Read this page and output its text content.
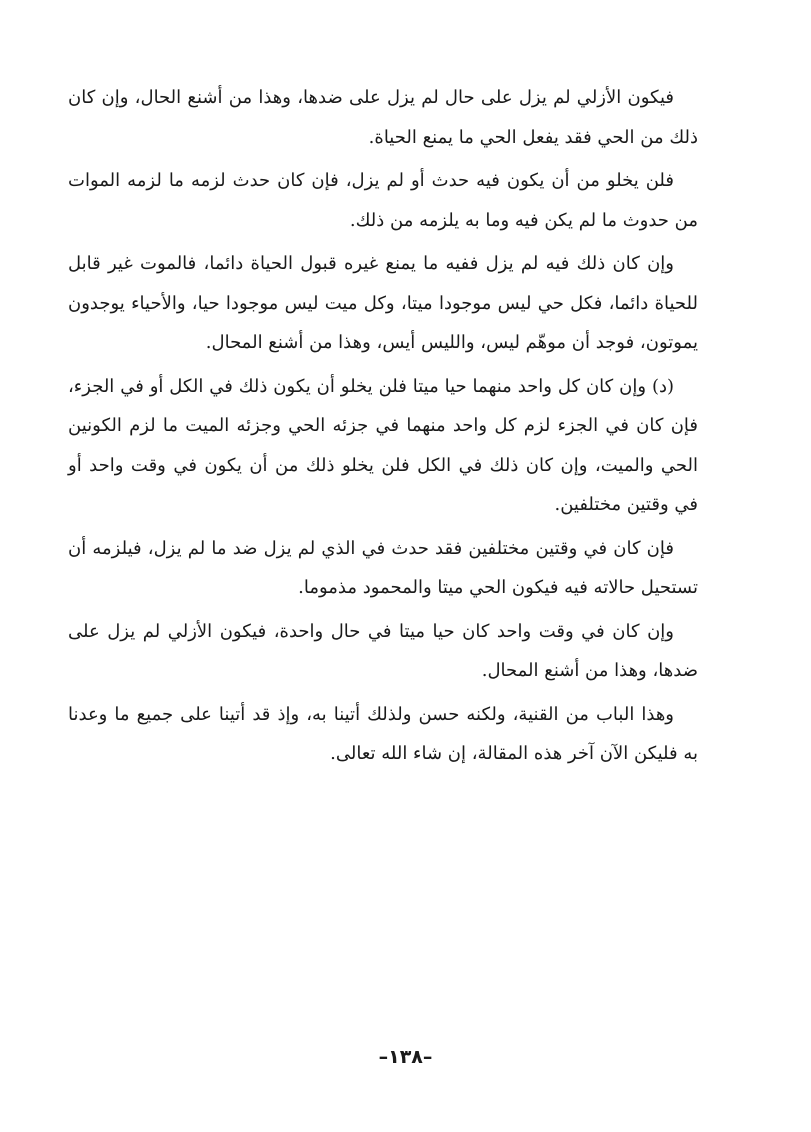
فيكون الأزلي لم يزل على حال لم يزل على ضدها، وهذا من أشنع الحال، وإن كان ذلك من الحي فقد يفعل الحي ما يمنع الحياة.

فلن يخلو من أن يكون فيه حدث أو لم يزل، فإن كان حدث لزمه ما لزمه الموات من حدوث ما لم يكن فيه وما به يلزمه من ذلك.

وإن كان ذلك فيه لم يزل ففيه ما يمنع غيره قبول الحياة دائما، فالموت غير قابل للحياة دائما، فكل حي ليس موجودا ميتا، وكل ميت ليس موجودا حيا، والأحياء يوجدون يموتون، فوجد أن موهّم ليس، والليس أيس، وهذا من أشنع المحال.

(د) وإن كان كل واحد منهما حيا ميتا فلن يخلو أن يكون ذلك في الكل أو في الجزء، فإن كان في الجزء لزم كل واحد منهما في جزئه الحي وجزئه الميت ما لزم الكونين الحي والميت، وإن كان ذلك في الكل فلن يخلو ذلك من أن يكون في وقت واحد أو في وقتين مختلفين.

فإن كان في وقتين مختلفين فقد حدث في الذي لم يزل ضد ما لم يزل، فيلزمه أن تستحيل حالاته فيه فيكون الحي ميتا والمحمود مذموما.

وإن كان في وقت واحد كان حيا ميتا في حال واحدة، فيكون الأزلي لم يزل على ضدها، وهذا من أشنع المحال.

وهذا الباب من القنية، ولكنه حسن ولذلك أتينا به، وإذ قد أتينا على جميع ما وعدنا به فليكن الآن آخر هذه المقالة، إن شاء الله تعالى.

–١٣٨–
